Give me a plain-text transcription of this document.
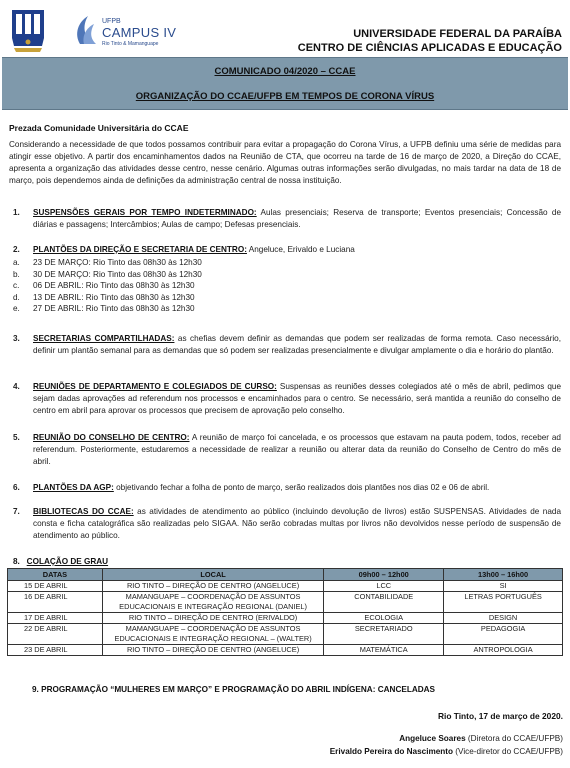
UFPB
CAMPUS IV
Rio Tinto & Mamanguape
UNIVERSIDADE FEDERAL DA PARAÍBA
CENTRO DE CIÊNCIAS APLICADAS E EDUCAÇÃO
COMUNICADO 04/2020 – CCAE
ORGANIZAÇÃO DO CCAE/UFPB EM TEMPOS DE CORONA VÍRUS
Prezada Comunidade Universitária do CCAE
Considerando a necessidade de que todos possamos contribuir para evitar a propagação do Corona Vírus, a UFPB definiu uma série de medidas para atingir esse objetivo. A partir dos encaminhamentos dados na Reunião de CTA, que ocorreu na tarde de 16 de março de 2020, a Direção do CCAE, apresenta a organização das atividades desse centro, nesse cenário. Algumas outras informações serão divulgadas, no mais tardar na data de 18 de março, pois dependemos ainda de definições da administração central de nossa instituição.
1. SUSPENSÕES GERAIS POR TEMPO INDETERMINADO: Aulas presenciais; Reserva de transporte; Eventos presenciais; Concessão de diárias e passagens; Intercâmbios; Aulas de campo; Defesas presenciais.
2. PLANTÕES DA DIREÇÃO E SECRETARIA DE CENTRO: Angeluce, Erivaldo e Luciana
a. 23 DE MARÇO: Rio Tinto das 08h30 às 12h30
b. 30 DE MARÇO: Rio Tinto das 08h30 às 12h30
c. 06 DE ABRIL: Rio Tinto das 08h30 às 12h30
d. 13 DE ABRIL: Rio Tinto das 08h30 às 12h30
e. 27 DE ABRIL: Rio Tinto das 08h30 às 12h30
3. SECRETARIAS COMPARTILHADAS: as chefias devem definir as demandas que podem ser realizadas de forma remota. Caso necessário, definir um plantão semanal para as demandas que só podem ser realizadas presencialmente e divulgar amplamente o dia e horário do plantão.
4. REUNIÕES DE DEPARTAMENTO E COLEGIADOS DE CURSO: Suspensas as reuniões desses colegiados até o mês de abril, pedimos que sejam dadas aprovações ad referendum nos processos e encaminhados para o centro. Se necessário, será mantida a reunião do conselho de centro em abril para aprovar os processos que precisem de aprovação pelo conselho.
5. REUNIÃO DO CONSELHO DE CENTRO: A reunião de março foi cancelada, e os processos que estavam na pauta podem, todos, receber ad referendum. Posteriormente, estudaremos a necessidade de realizar a reunião ou alterar data da reunião do Conselho de Centro do mês de abril.
6. PLANTÕES DA AGP: objetivando fechar a folha de ponto de março, serão realizados dois plantões nos dias 02 e 06 de abril.
7. BIBLIOTECAS DO CCAE: as atividades de atendimento ao público (incluindo devolução de livros) estão SUSPENSAS. Atividades de nada consta e ficha catalográfica são realizadas pelo SIGAA. Não serão cobradas multas por livros não devolvidos nesse período de suspensão de atendimento ao público.
8. COLAÇÃO DE GRAU
DATAS	LOCAL	09h00 – 12h00	13h00 – 16h00
15 DE ABRIL	RIO TINTO – DIREÇÃO DE CENTRO (ANGELUCE)	LCC	SI
16 DE ABRIL	MAMANGUAPE – COORDENAÇÃO DE ASSUNTOS EDUCACIONAIS E INTEGRAÇÃO REGIONAL (DANIEL)	CONTABILIDADE	LETRAS PORTUGUÊS
17 DE ABRIL	RIO TINTO – DIREÇÃO DE CENTRO (ERIVALDO)	ECOLOGIA	DESIGN
22 DE ABRIL	MAMANGUAPE – COORDENAÇÃO DE ASSUNTOS EDUCACIONAIS E INTEGRAÇÃO REGIONAL – (WALTER)	SECRETARIADO	PEDAGOGIA
23 DE ABRIL	RIO TINTO – DIREÇÃO DE CENTRO (ANGELUCE)	MATEMÁTICA	ANTROPOLOGIA
9. PROGRAMAÇÃO “MULHERES EM MARÇO” E PROGRAMAÇÃO DO ABRIL INDÍGENA: CANCELADAS
Rio Tinto, 17 de março de 2020.
Angeluce Soares (Diretora do CCAE/UFPB)
Erivaldo Pereira do Nascimento (Vice-diretor do CCAE/UFPB)
